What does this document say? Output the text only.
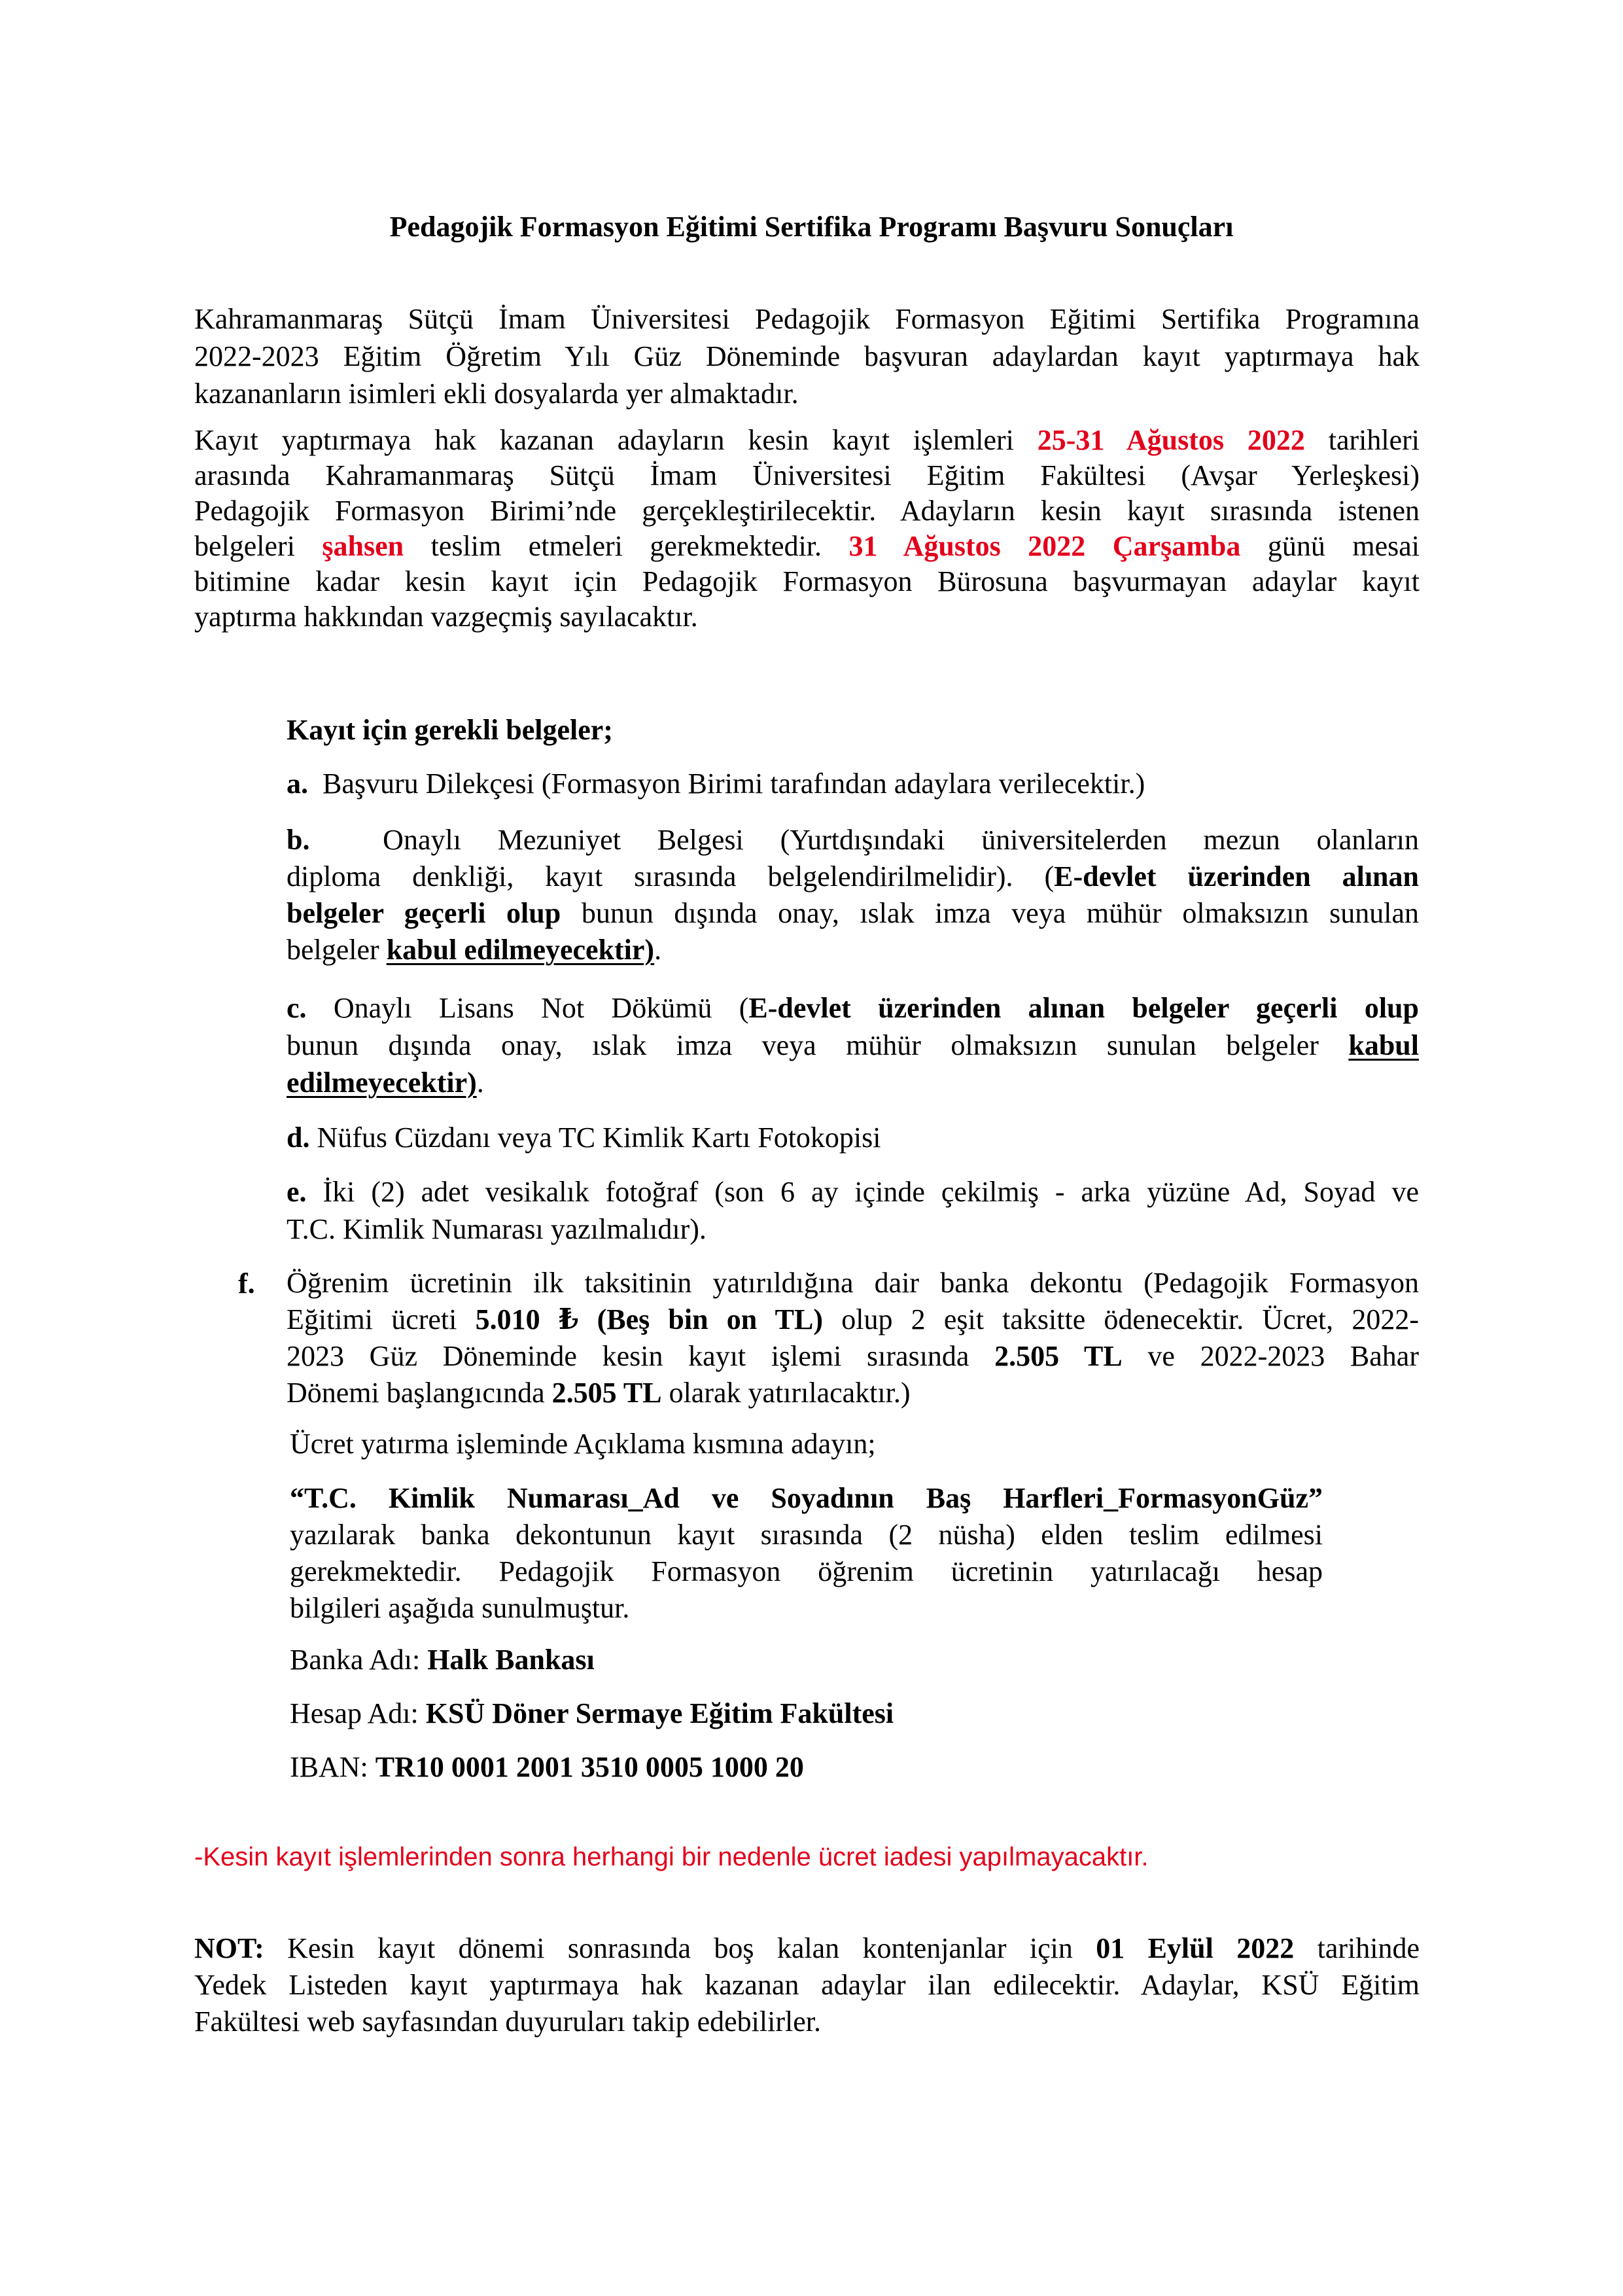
Pedagojik Formasyon Eğitimi Sertifika Programı Başvuru Sonuçları
Kahramanmaraş Sütçü İmam Üniversitesi Pedagojik Formasyon Eğitimi Sertifika Programına
2022-2023 Eğitim Öğretim Yılı Güz Döneminde başvuran adaylardan kayıt yaptırmaya hak
kazananların isimleri ekli dosyalarda yer almaktadır.
Kayıt yaptırmaya hak kazanan adayların kesin kayıt işlemleri 25-31 Ağustos 2022 tarihleri
arasında Kahramanmaraş Sütçü İmam Üniversitesi Eğitim Fakültesi (Avşar Yerleşkesi)
Pedagojik Formasyon Birimi’nde gerçekleştirilecektir. Adayların kesin kayıt sırasında istenen
belgeleri şahsen teslim etmeleri gerekmektedir. 31 Ağustos 2022 Çarşamba günü mesai
bitimine kadar kesin kayıt için Pedagojik Formasyon Bürosuna başvurmayan adaylar kayıt
yaptırma hakkından vazgeçmiş sayılacaktır.
Kayıt için gerekli belgeler;
a. Başvuru Dilekçesi (Formasyon Birimi tarafından adaylara verilecektir.)
b.	Onaylı Mezuniyet Belgesi (Yurtdışındaki üniversitelerden mezun olanların
diploma denkliği, kayıt sırasında belgelendirilmelidir). (E-devlet üzerinden alınan
belgeler geçerli olup bunun dışında onay, ıslak imza veya mühür olmaksızın sunulan
belgeler kabul edilmeyecektir).
c. Onaylı Lisans Not Dökümü (E-devlet üzerinden alınan belgeler geçerli olup
bunun dışında onay, ıslak imza veya mühür olmaksızın sunulan belgeler kabul
edilmeyecektir).
d. Nüfus Cüzdanı veya TC Kimlik Kartı Fotokopisi
e. İki (2) adet vesikalık fotoğraf (son 6 ay içinde çekilmiş - arka yüzüne Ad, Soyad ve
T.C. Kimlik Numarası yazılmalıdır).
f. Öğrenim ücretinin ilk taksitinin yatırıldığına dair banka dekontu (Pedagojik Formasyon
Eğitimi ücreti 5.010 ₺ (Beş bin on TL) olup 2 eşit taksitte ödenecektir. Ücret, 2022-
2023 Güz Döneminde kesin kayıt işlemi sırasında 2.505 TL ve 2022-2023 Bahar
Dönemi başlangıcında 2.505 TL olarak yatırılacaktır.)
Ücret yatırma işleminde Açıklama kısmına adayın;
“T.C. Kimlik Numarası_Ad ve Soyadının Baş Harfleri_FormasyonGüz”
yazılarak banka dekontunun kayıt sırasında (2 nüsha) elden teslim edilmesi
gerekmektedir. Pedagojik Formasyon öğrenim ücretinin yatırılacağı hesap
bilgileri aşağıda sunulmuştur.
Banka Adı: Halk Bankası
Hesap Adı: KSÜ Döner Sermaye Eğitim Fakültesi
IBAN: TR10 0001 2001 3510 0005 1000 20
-Kesin kayıt işlemlerinden sonra herhangi bir nedenle ücret iadesi yapılmayacaktır.
NOT: Kesin kayıt dönemi sonrasında boş kalan kontenjanlar için 01 Eylül 2022 tarihinde
Yedek Listeden kayıt yaptırmaya hak kazanan adaylar ilan edilecektir. Adaylar, KSÜ Eğitim
Fakültesi web sayfasından duyuruları takip edebilirler.
